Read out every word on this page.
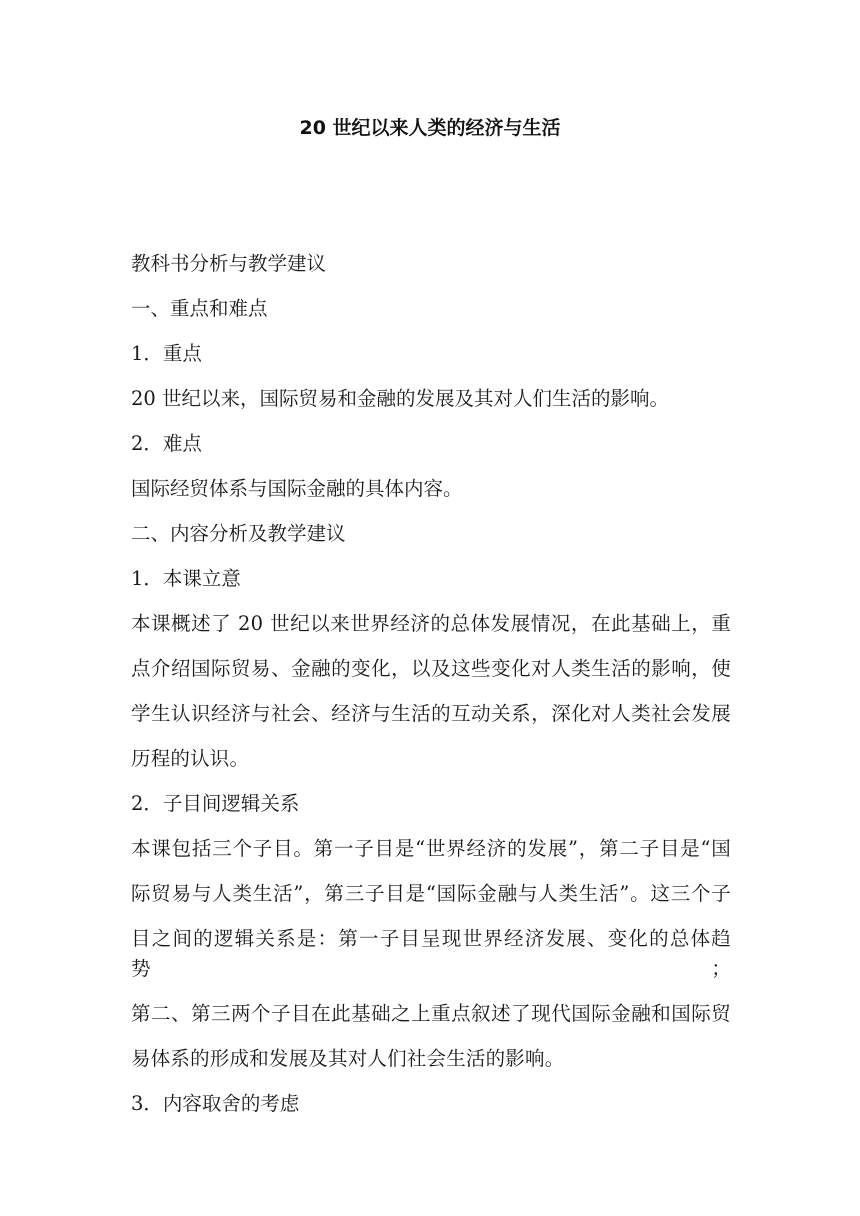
20 世纪以来人类的经济与生活

教科书分析与教学建议

一、重点和难点

1．重点

20 世纪以来，国际贸易和金融的发展及其对人们生活的影响。

2．难点

国际经贸体系与国际金融的具体内容。

二、内容分析及教学建议

1．本课立意

本课概述了 20 世纪以来世界经济的总体发展情况，在此基础上，重
点介绍国际贸易、金融的变化，以及这些变化对人类生活的影响，使
学生认识经济与社会、经济与生活的互动关系，深化对人类社会发展
历程的认识。

2．子目间逻辑关系

本课包括三个子目。第一子目是“世界经济的发展”，第二子目是“国
际贸易与人类生活”，第三子目是“国际金融与人类生活”。这三个子
目之间的逻辑关系是：第一子目呈现世界经济发展、变化的总体趋势；
第二、第三两个子目在此基础之上重点叙述了现代国际金融和国际贸
易体系的形成和发展及其对人们社会生活的影响。

3．内容取舍的考虑
